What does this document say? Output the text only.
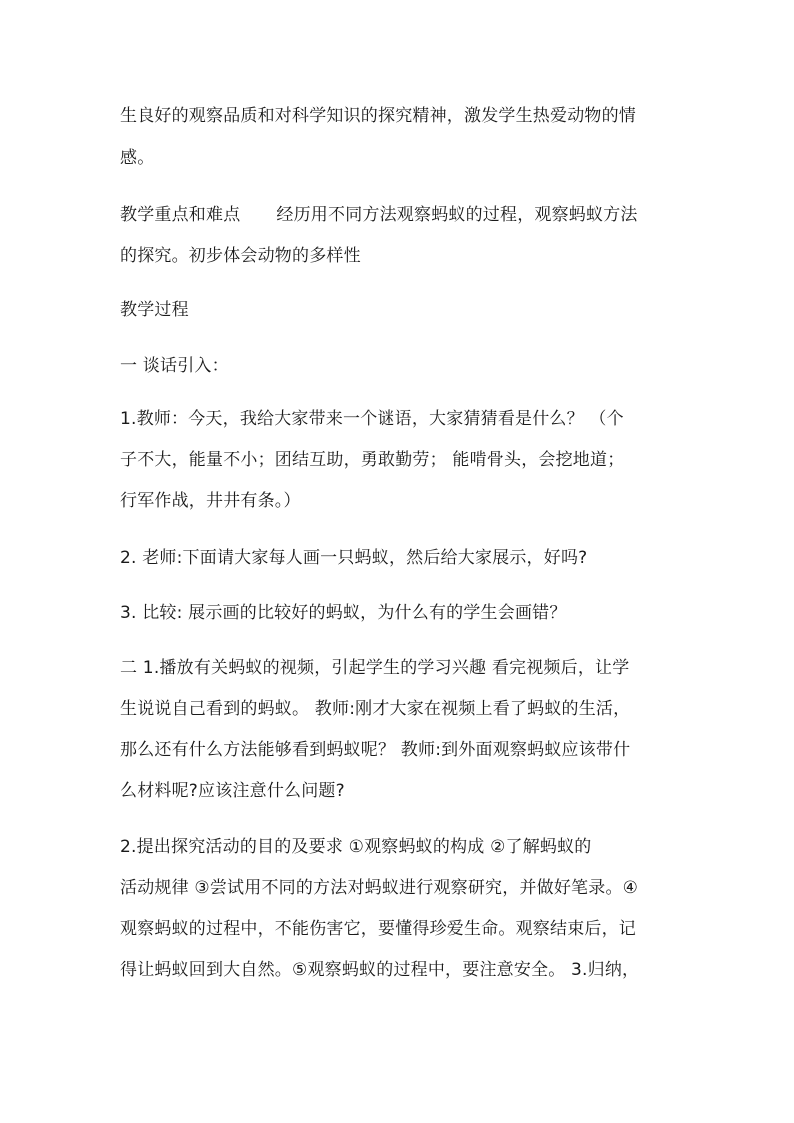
生良好的观察品质和对科学知识的探究精神，激发学生热爱动物的情
感。
教学重点和难点 经历用不同方法观察蚂蚁的过程，观察蚂蚁方法
的探究。初步体会动物的多样性
教学过程
一 谈话引入：
1.教师：今天，我给大家带来一个谜语，大家猜猜看是什么？ （个
子不大，能量不小；团结互助，勇敢勤劳； 能啃骨头，会挖地道；
行军作战，井井有条。）
2. 老师:下面请大家每人画一只蚂蚁，然后给大家展示，好吗?
3. 比较: 展示画的比较好的蚂蚁，为什么有的学生会画错？
二 1.播放有关蚂蚁的视频，引起学生的学习兴趣 看完视频后，让学
生说说自己看到的蚂蚁。 教师:刚才大家在视频上看了蚂蚁的生活，
那么还有什么方法能够看到蚂蚁呢？ 教师:到外面观察蚂蚁应该带什
么材料呢?应该注意什么问题?
2.提出探究活动的目的及要求 ①观察蚂蚁的构成 ②了解蚂蚁的
活动规律 ③尝试用不同的方法对蚂蚁进行观察研究，并做好笔录。④
观察蚂蚁的过程中，不能伤害它，要懂得珍爱生命。观察结束后，记
得让蚂蚁回到大自然。⑤观察蚂蚁的过程中，要注意安全。 3.归纳，
